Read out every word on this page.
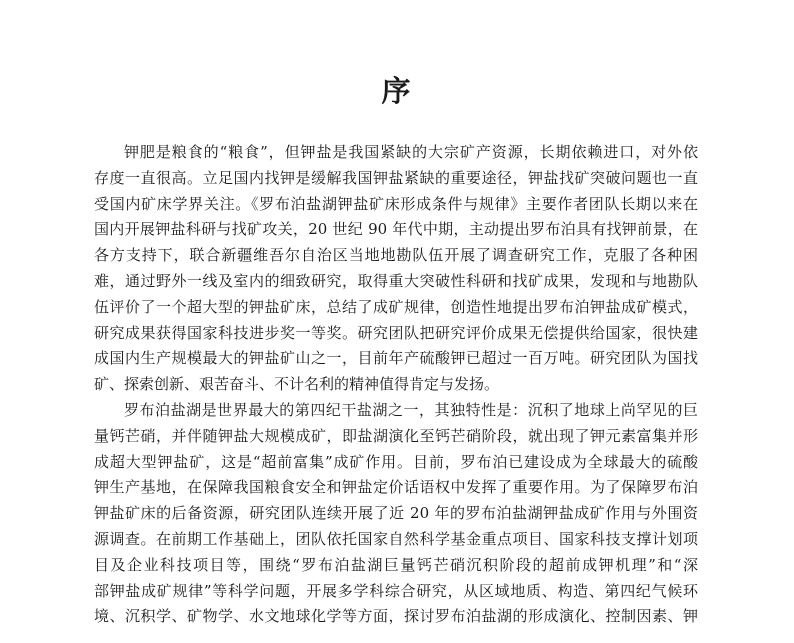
序
钾肥是粮食的“粮食”，但钾盐是我国紧缺的大宗矿产资源，长期依赖进口，对外依
存度一直很高。立足国内找钾是缓解我国钾盐紧缺的重要途径，钾盐找矿突破问题也一直
受国内矿床学界关注。《罗布泊盐湖钾盐矿床形成条件与规律》主要作者团队长期以来在
国内开展钾盐科研与找矿攻关，20 世纪 90 年代中期，主动提出罗布泊具有找钾前景，在
各方支持下，联合新疆维吾尔自治区当地地勘队伍开展了调查研究工作，克服了各种困
难，通过野外一线及室内的细致研究，取得重大突破性科研和找矿成果，发现和与地勘队
伍评价了一个超大型的钾盐矿床，总结了成矿规律，创造性地提出罗布泊钾盐成矿模式，
研究成果获得国家科技进步奖一等奖。研究团队把研究评价成果无偿提供给国家，很快建
成国内生产规模最大的钾盐矿山之一，目前年产硫酸钾已超过一百万吨。研究团队为国找
矿、探索创新、艰苦奋斗、不计名利的精神值得肯定与发扬。
罗布泊盐湖是世界最大的第四纪干盐湖之一，其独特性是：沉积了地球上尚罕见的巨
量钙芒硝，并伴随钾盐大规模成矿，即盐湖演化至钙芒硝阶段，就出现了钾元素富集并形
成超大型钾盐矿，这是“超前富集”成矿作用。目前，罗布泊已建设成为全球最大的硫酸
钾生产基地，在保障我国粮食安全和钾盐定价话语权中发挥了重要作用。为了保障罗布泊
钾盐矿床的后备资源，研究团队连续开展了近 20 年的罗布泊盐湖钾盐成矿作用与外围资
源调查。在前期工作基础上，团队依托国家自然科学基金重点项目、国家科技支撑计划项
目及企业科技项目等，围绕“罗布泊盐湖巨量钙芒硝沉积阶段的超前成钾机理”和“深
部钾盐成矿规律”等科学问题，开展多学科综合研究，从区域地质、构造、第四纪气候环
境、沉积学、矿物学、水文地球化学等方面，探讨罗布泊盐湖的形成演化、控制因素、钾
